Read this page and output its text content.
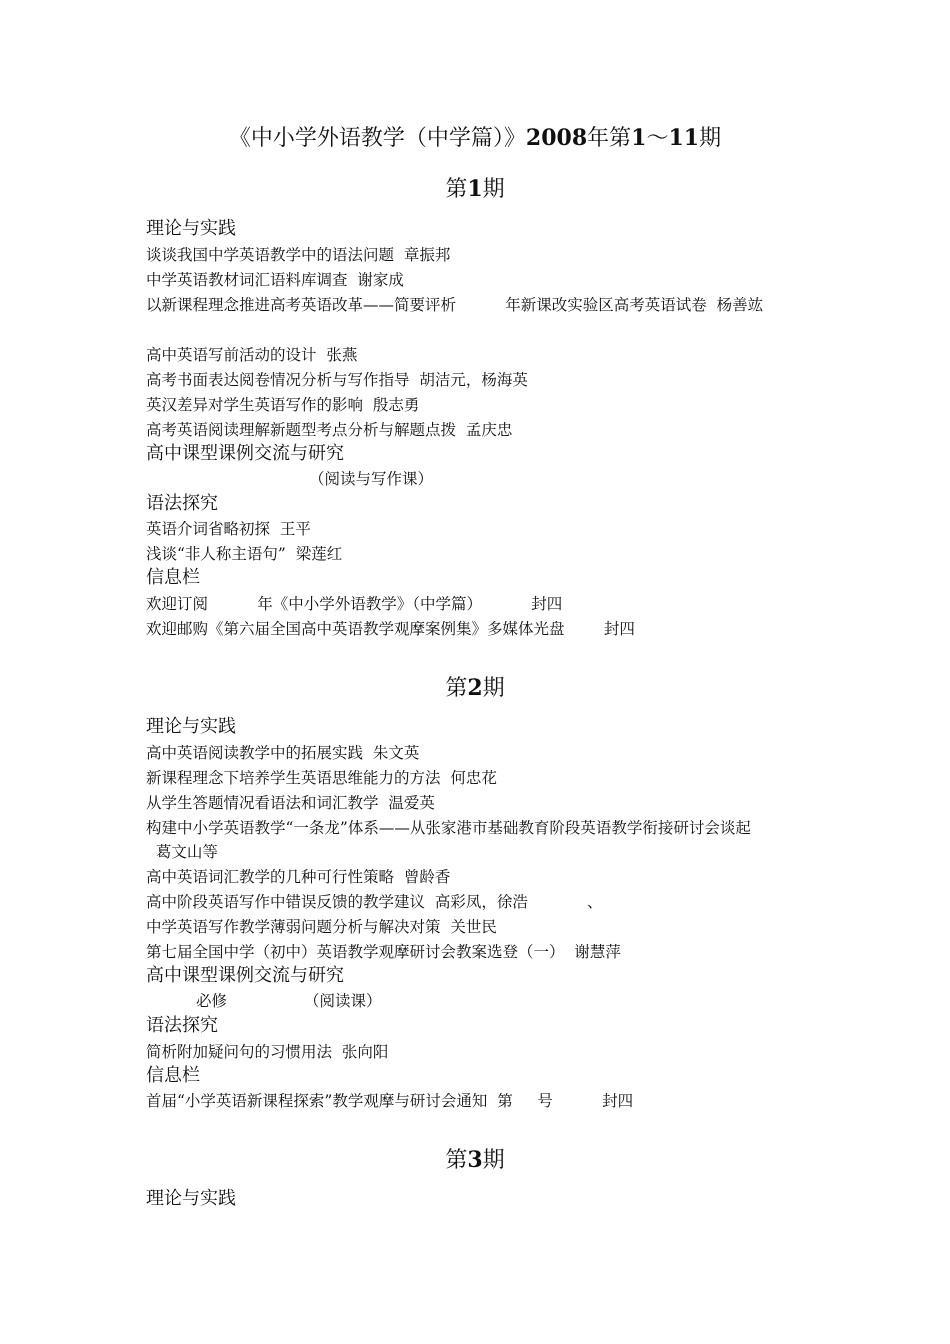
《中小学外语教学（中学篇）》2008年第1～11期
第1期
理论与实践
谈谈我国中学英语教学中的语法问题  章振邦
中学英语教材词汇语料库调查  谢家成
以新课程理念推进高考英语改革——简要评析          年新课改实验区高考英语试卷  杨善竑
高中英语写前活动的设计  张燕
高考书面表达阅卷情况分析与写作指导  胡洁元，杨海英
英汉差异对学生英语写作的影响  殷志勇
高考英语阅读理解新题型考点分析与解题点拨  孟庆忠
高中课型课例交流与研究
（阅读与写作课）
语法探究
英语介词省略初探  王平
浅谈“非人称主语句”  梁莲红
信息栏
欢迎订阅          年《中小学外语教学》（中学篇）          封四
欢迎邮购《第六届全国高中英语教学观摩案例集》多媒体光盘        封四
第2期
理论与实践
高中英语阅读教学中的拓展实践  朱文英
新课程理念下培养学生英语思维能力的方法  何忠花
从学生答题情况看语法和词汇教学  温爱英
构建中小学英语教学“一条龙”体系——从张家港市基础教育阶段英语教学衔接研讨会谈起
葛文山等
高中英语词汇教学的几种可行性策略  曾龄香
高中阶段英语写作中错误反馈的教学建议  高彩凤，徐浩            、
中学英语写作教学薄弱问题分析与解决对策  关世民
第七届全国中学（初中）英语教学观摩研讨会教案选登（一）  谢慧萍
高中课型课例交流与研究
必修	（阅读课）
语法探究
简析附加疑问句的习惯用法  张向阳
信息栏
首届“小学英语新课程探索”教学观摩与研讨会通知  第     号          封四
第3期
理论与实践
